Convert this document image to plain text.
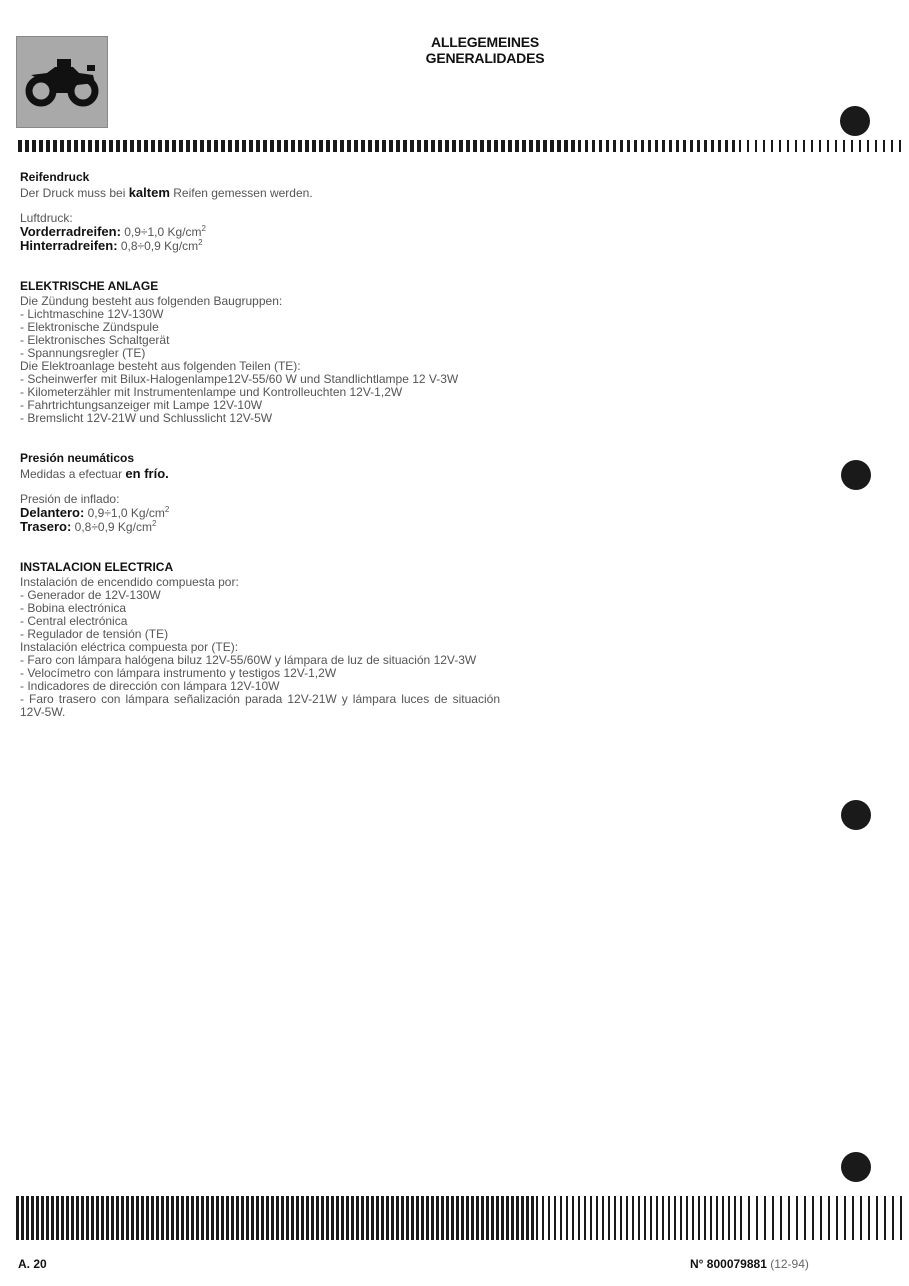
ALLEGEMEINES
GENERALIDADES
Reifendruck
Der Druck muss bei kaltem Reifen gemessen werden.
Luftdruck:
Vorderradreifen: 0,9÷1,0 $Kg/cm^2$
Hinterradreifen: 0,8÷0,9 $Kg/cm^2$
ELEKTRISCHE ANLAGE
Die Zündung besteht aus folgenden Baugruppen:
- Lichtmaschine 12V-130W
- Elektronische Zündspule
- Elektronisches Schaltgerät
- Spannungsregler (TE)
Die Elektroanlage besteht aus folgenden Teilen (TE):
- Scheinwerfer mit Bilux-Halogenlampe12V-55/60 W und Standlichtlampe 12 V-3W
- Kilometerzähler mit Instrumentenlampe und Kontrolleuchten 12V-1,2W
- Fahrtrichtungsanzeiger mit Lampe 12V-10W
- Bremslicht 12V-21W und Schlusslicht 12V-5W
Presión neumáticos
Medidas a efectuar en frío.
Presión de inflado:
Delantero: 0,9÷1,0 $Kg/cm^2$
Trasero: 0,8÷0,9 $Kg/cm^2$
INSTALACION ELECTRICA
Instalación de encendido compuesta por:
- Generador de 12V-130W
- Bobina electrónica
- Central electrónica
- Regulador de tensión (TE)
Instalación eléctrica compuesta por (TE):
- Faro con lámpara halógena biluz 12V-55/60W y lámpara de luz de situación 12V-3W
- Velocímetro con lámpara instrumento y testigos 12V-1,2W
- Indicadores de dirección con lámpara 12V-10W
- Faro trasero con lámpara señalización parada 12V-21W y lámpara luces de situación 12V-5W.
A. 20	N° 800079881 (12-94)
